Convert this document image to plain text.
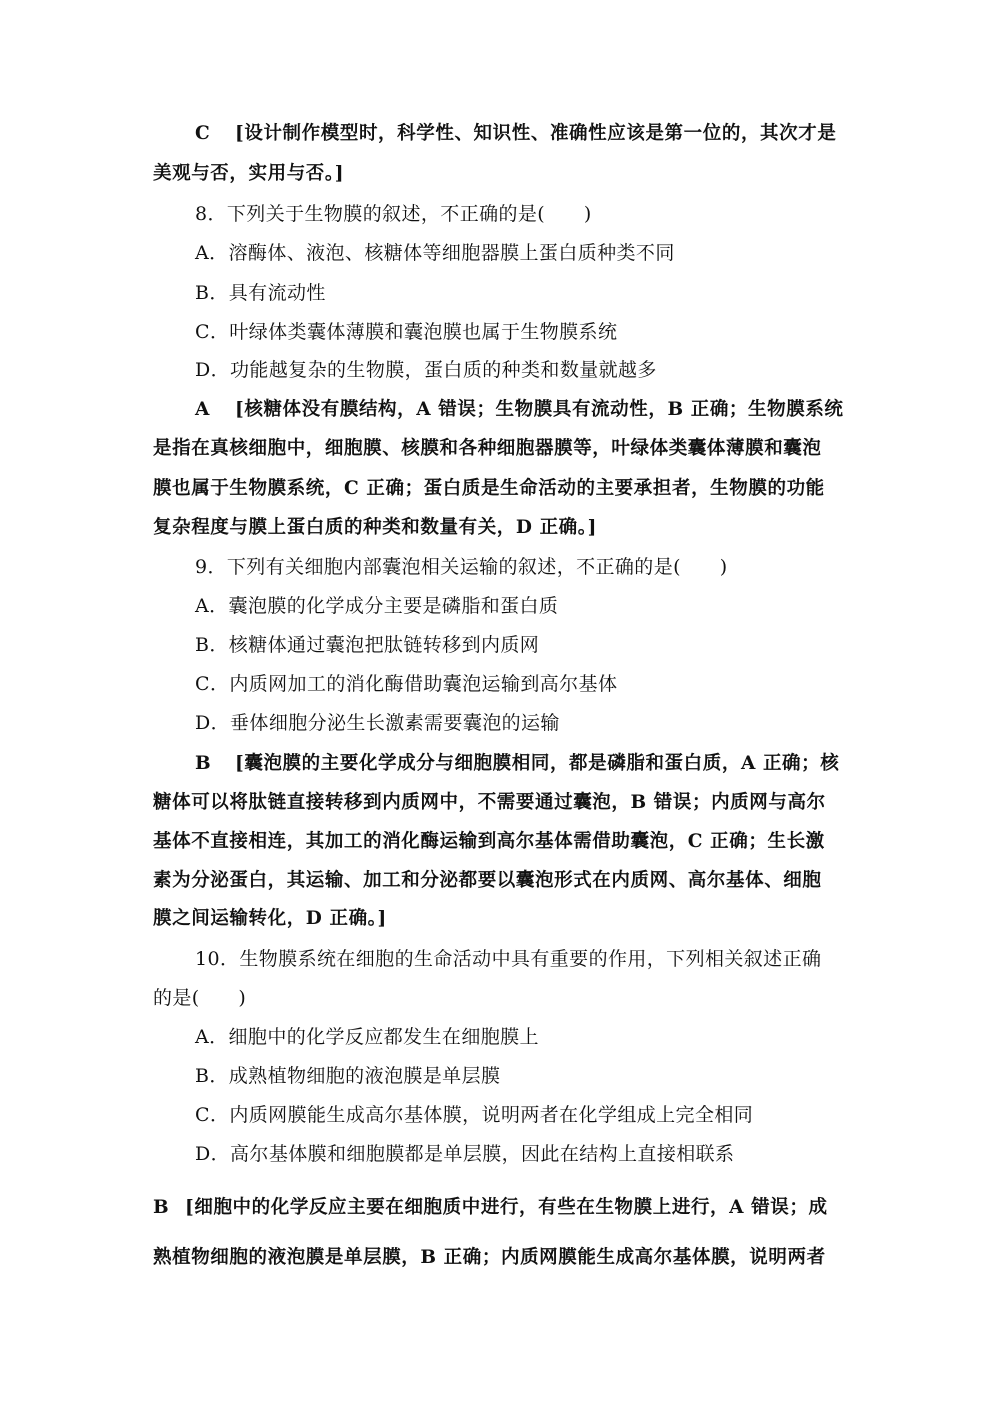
C [设计制作模型时，科学性、知识性、准确性应该是第一位的，其次才是
美观与否，实用与否。]
8．下列关于生物膜的叙述，不正确的是(　　)
A．溶酶体、液泡、核糖体等细胞器膜上蛋白质种类不同
B．具有流动性
C．叶绿体类囊体薄膜和囊泡膜也属于生物膜系统
D．功能越复杂的生物膜，蛋白质的种类和数量就越多
A [核糖体没有膜结构，A 错误；生物膜具有流动性，B 正确；生物膜系统
是指在真核细胞中，细胞膜、核膜和各种细胞器膜等，叶绿体类囊体薄膜和囊泡
膜也属于生物膜系统，C 正确；蛋白质是生命活动的主要承担者，生物膜的功能
复杂程度与膜上蛋白质的种类和数量有关，D 正确。]
9．下列有关细胞内部囊泡相关运输的叙述，不正确的是(　　)
A．囊泡膜的化学成分主要是磷脂和蛋白质
B．核糖体通过囊泡把肽链转移到内质网
C．内质网加工的消化酶借助囊泡运输到高尔基体
D．垂体细胞分泌生长激素需要囊泡的运输
B [囊泡膜的主要化学成分与细胞膜相同，都是磷脂和蛋白质，A 正确；核
糖体可以将肽链直接转移到内质网中，不需要通过囊泡，B 错误；内质网与高尔
基体不直接相连，其加工的消化酶运输到高尔基体需借助囊泡，C 正确；生长激
素为分泌蛋白，其运输、加工和分泌都要以囊泡形式在内质网、高尔基体、细胞
膜之间运输转化，D 正确。]
10．生物膜系统在细胞的生命活动中具有重要的作用，下列相关叙述正确
的是(　　)
A．细胞中的化学反应都发生在细胞膜上
B．成熟植物细胞的液泡膜是单层膜
C．内质网膜能生成高尔基体膜，说明两者在化学组成上完全相同
D．高尔基体膜和细胞膜都是单层膜，因此在结构上直接相联系
B [细胞中的化学反应主要在细胞质中进行，有些在生物膜上进行，A 错误；成
熟植物细胞的液泡膜是单层膜，B 正确；内质网膜能生成高尔基体膜，说明两者
